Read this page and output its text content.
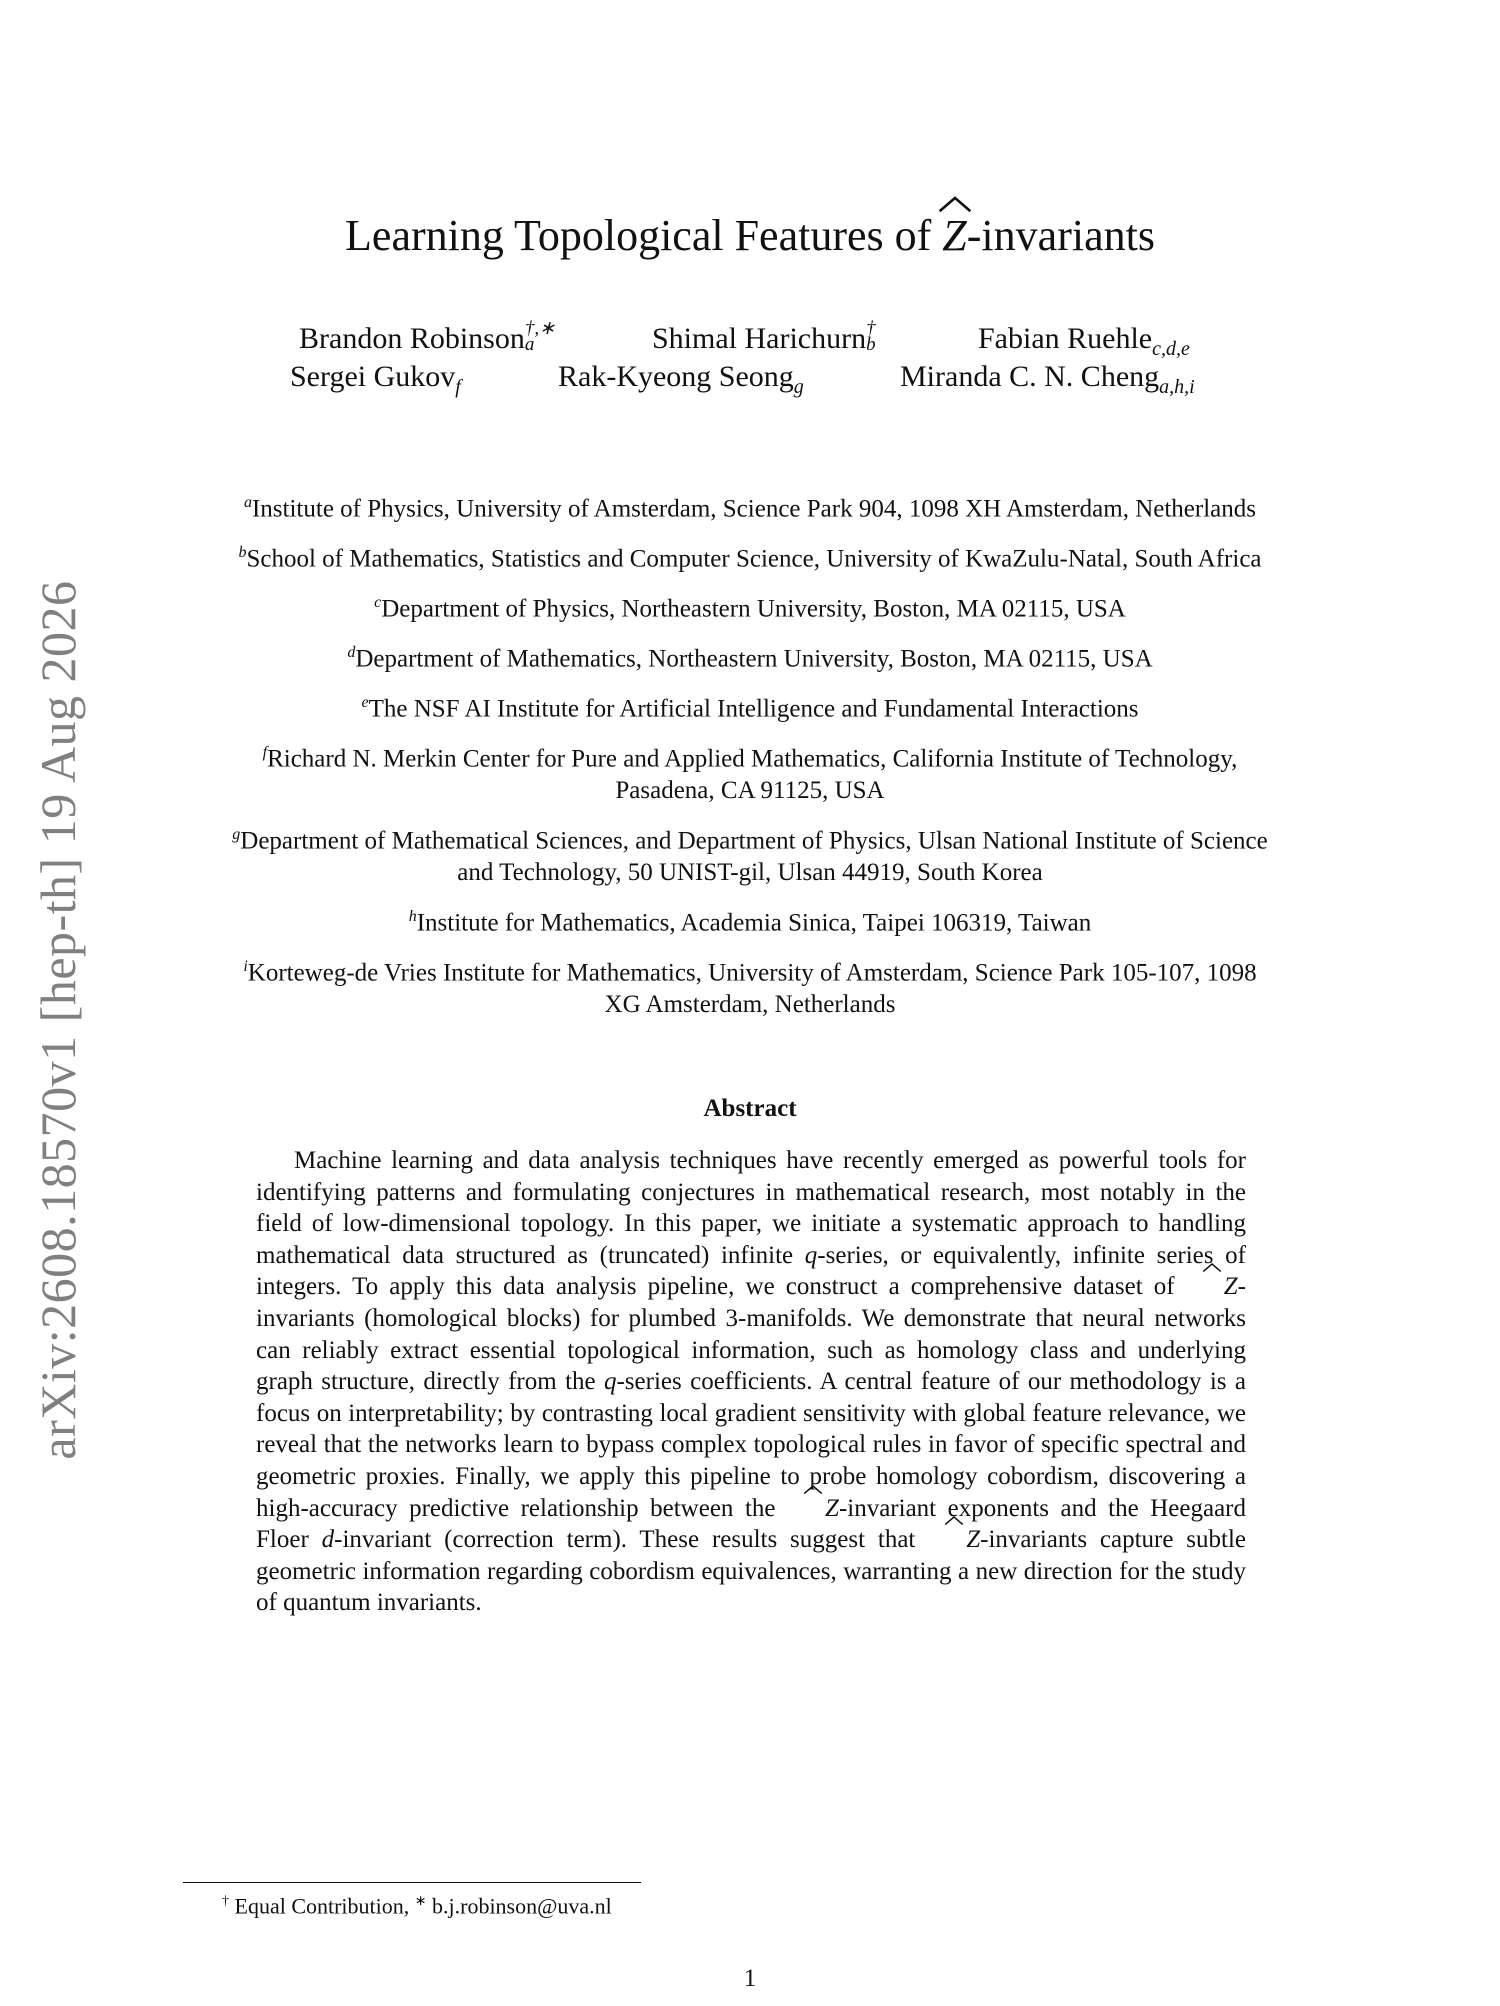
arXiv:2608.18570v1 [hep-th] 19 Aug 2026
Learning Topological Features of
Z-invariants
Brandon Robinson †,∗
a	Shimal Harichurn †
b	Fabian Ruehle$_{c,d,e}$
Sergei Gukov$_f$	Rak-Kyeong Seong$_g$	Miranda C. N. Cheng$_{a,h,i}$
$^a$Institute of Physics, University of Amsterdam, Science Park 904, 1098 XH Amsterdam, Netherlands
$^b$School of Mathematics, Statistics and Computer Science, University of KwaZulu-Natal, South Africa
$^c$Department of Physics, Northeastern University, Boston, MA 02115, USA
$^d$Department of Mathematics, Northeastern University, Boston, MA 02115, USA
$^e$The NSF AI Institute for Artificial Intelligence and Fundamental Interactions
$^f$Richard N. Merkin Center for Pure and Applied Mathematics, California Institute of Technology,
Pasadena, CA 91125, USA
$^g$Department of Mathematical Sciences, and Department of Physics, Ulsan National Institute of Science
and Technology, 50 UNIST-gil, Ulsan 44919, South Korea
$^h$Institute for Mathematics, Academia Sinica, Taipei 106319, Taiwan
$^i$Korteweg-de Vries Institute for Mathematics, University of Amsterdam, Science Park 105-107, 1098
XG Amsterdam, Netherlands
Abstract
Machine learning and data analysis techniques have recently emerged as powerful tools for identifying patterns and formulating conjectures in mathematical research, most notably in the field of low-dimensional topology. In this paper, we initiate a systematic approach to handling mathematical data structured as (truncated) infinite q-series, or equivalently, infinite series of integers. To apply this data analysis pipeline, we construct a comprehensive dataset of
Z-invariants (homological blocks) for plumbed 3-manifolds. We demonstrate that neural networks can reliably extract essential topological information, such as homology class and underlying graph structure, directly from the q-series coefficients. A central feature of our methodology is a focus on interpretability; by contrasting local gradient sensitivity with global feature relevance, we reveal that the networks learn to bypass complex topological rules in favor of specific spectral and geometric proxies. Finally, we apply this pipeline to probe homology cobordism, discovering a high-accuracy predictive relationship between the
Z-invariant exponents and the Heegaard Floer d-invariant (correction term). These results suggest that
Z-invariants capture subtle geometric information regarding cobordism equivalences, warranting a new direction for the study of quantum invariants.
† Equal Contribution, ∗ b.j.robinson@uva.nl
1
